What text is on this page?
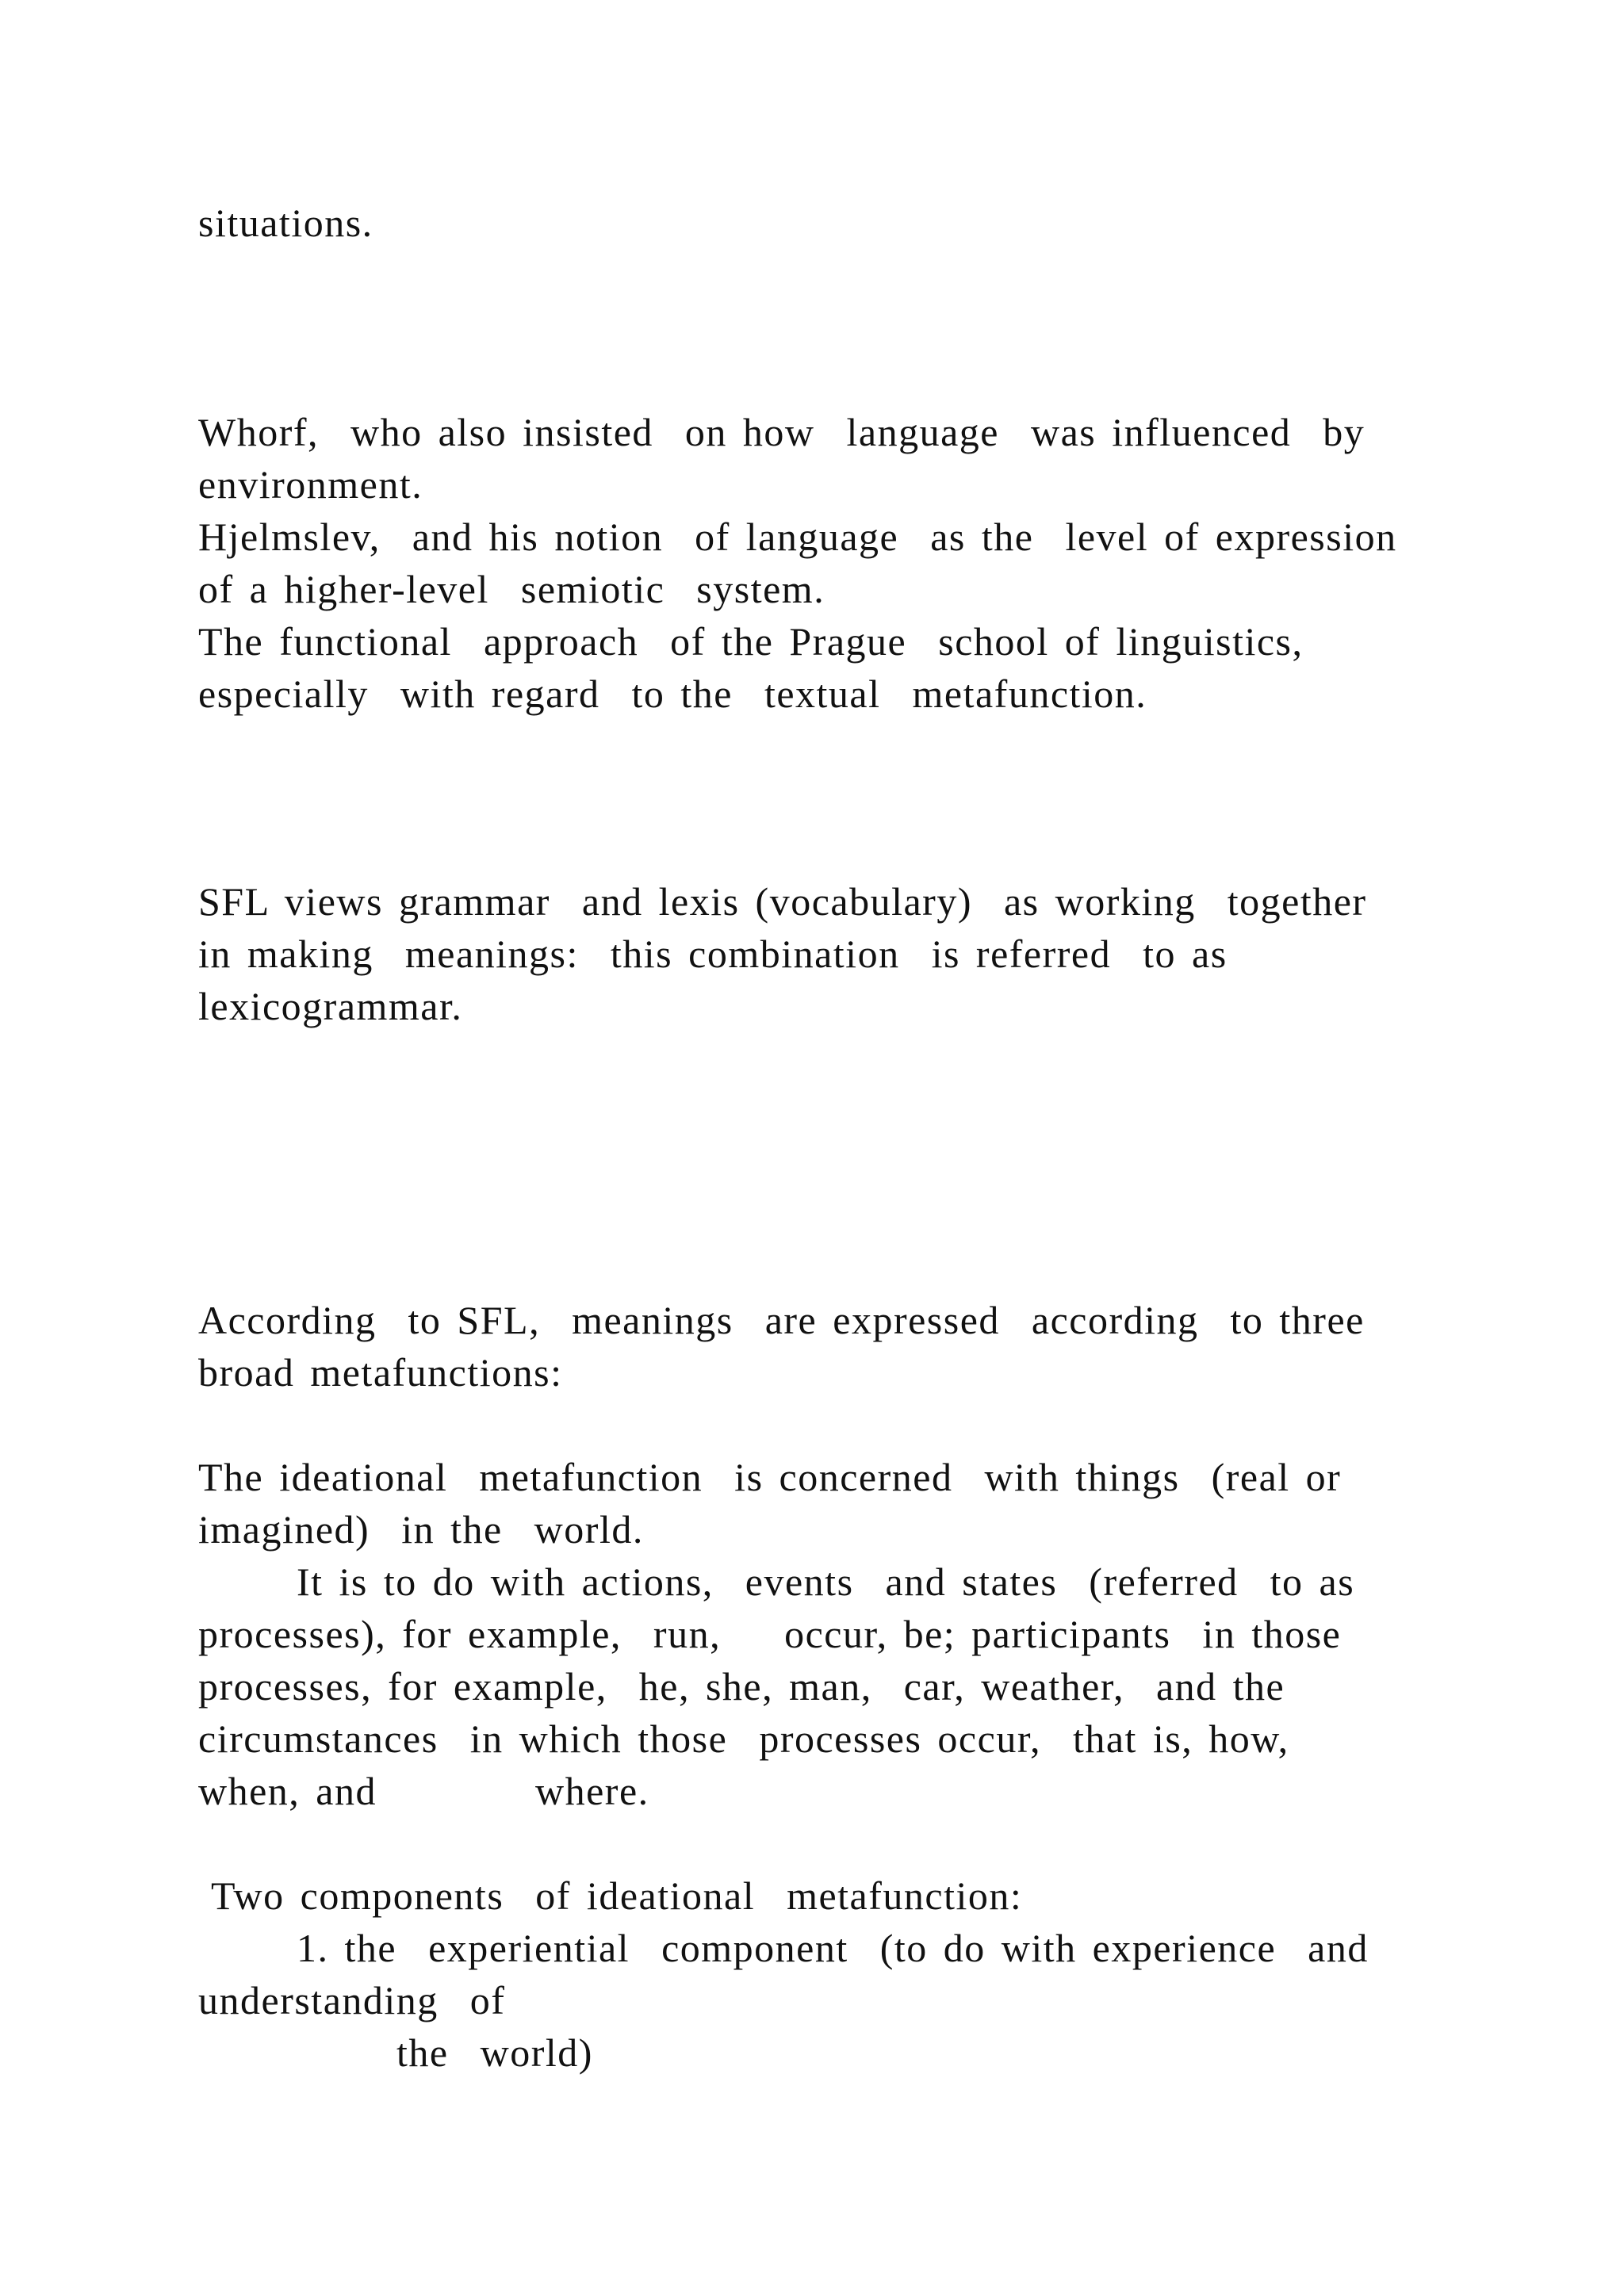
situations.
Whorf,  who also insisted  on how  language  was influenced  by
environment.
Hjelmslev,  and his notion  of language  as the  level of expression
of a higher-level  semiotic  system.
The functional  approach  of the Prague  school of linguistics,
especially  with regard  to the  textual  metafunction.
SFL views grammar  and lexis (vocabulary)  as working  together
in making  meanings:  this combination  is referred  to as
lexicogrammar.
According  to SFL,  meanings  are expressed  according  to three
broad metafunctions:
The ideational  metafunction  is concerned  with things  (real or
imagined)  in the  world.
It is to do with actions,  events  and states  (referred  to as
processes), for example,  run,    occur, be; participants  in those
processes, for example,  he, she, man,  car, weather,  and the
circumstances  in which those  processes occur,  that is, how,
when, and          where.
Two components  of ideational  metafunction:
1. the  experiential  component  (to do with experience  and
understanding  of
the  world)
